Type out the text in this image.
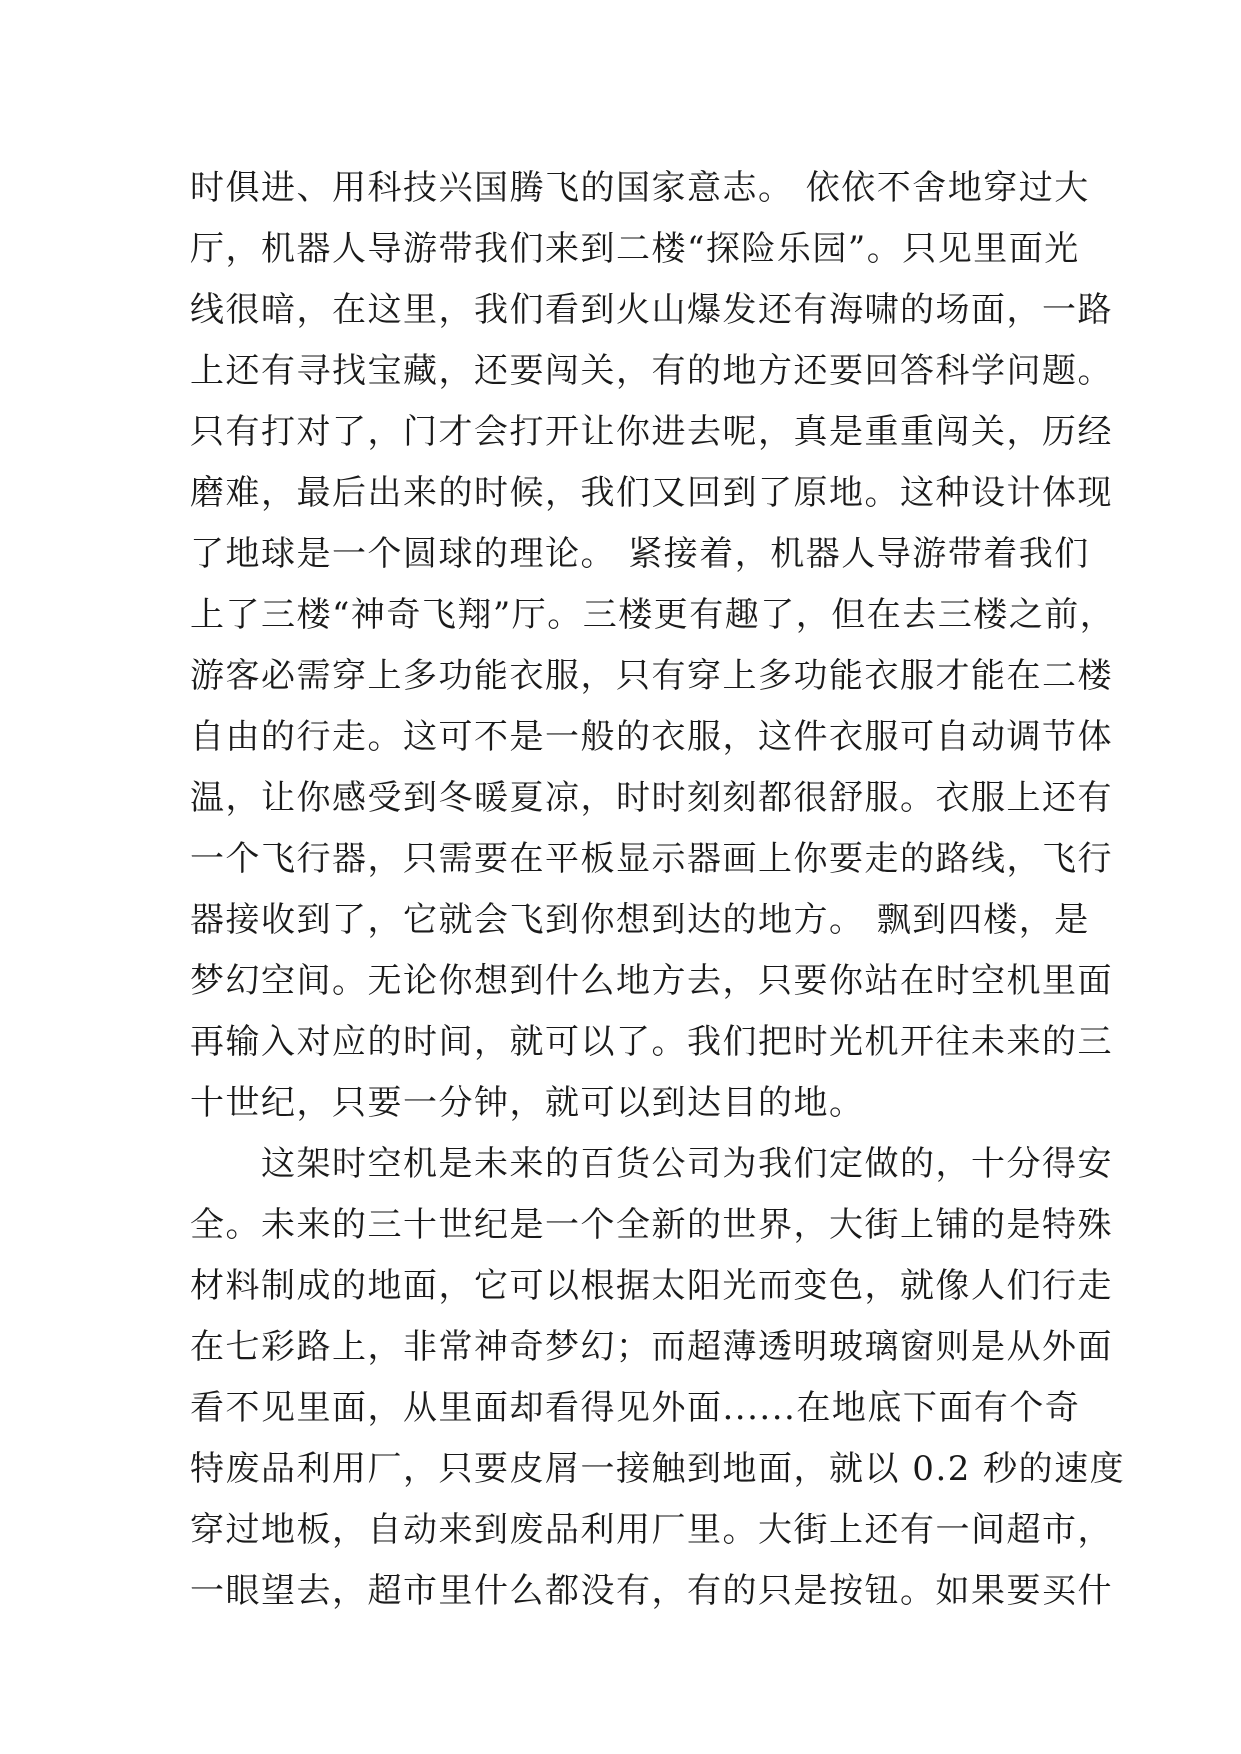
时俱进、用科技兴国腾飞的国家意志。 依依不舍地穿过大
厅，机器人导游带我们来到二楼“探险乐园”。只见里面光
线很暗，在这里，我们看到火山爆发还有海啸的场面，一路
上还有寻找宝藏，还要闯关，有的地方还要回答科学问题。
只有打对了，门才会打开让你进去呢，真是重重闯关，历经
磨难，最后出来的时候，我们又回到了原地。这种设计体现
了地球是一个圆球的理论。 紧接着，机器人导游带着我们
上了三楼“神奇飞翔”厅。三楼更有趣了，但在去三楼之前，
游客必需穿上多功能衣服，只有穿上多功能衣服才能在二楼
自由的行走。这可不是一般的衣服，这件衣服可自动调节体
温，让你感受到冬暖夏凉，时时刻刻都很舒服。衣服上还有
一个飞行器，只需要在平板显示器画上你要走的路线，飞行
器接收到了，它就会飞到你想到达的地方。 飘到四楼，是
梦幻空间。无论你想到什么地方去，只要你站在时空机里面
再输入对应的时间，就可以了。我们把时光机开往未来的三
十世纪，只要一分钟，就可以到达目的地。
　　这架时空机是未来的百货公司为我们定做的，十分得安
全。未来的三十世纪是一个全新的世界，大街上铺的是特殊
材料制成的地面，它可以根据太阳光而变色，就像人们行走
在七彩路上，非常神奇梦幻；而超薄透明玻璃窗则是从外面
看不见里面，从里面却看得见外面......在地底下面有个奇
特废品利用厂，只要皮屑一接触到地面，就以 0.2 秒的速度
穿过地板，自动来到废品利用厂里。大街上还有一间超市，
一眼望去，超市里什么都没有，有的只是按钮。如果要买什
